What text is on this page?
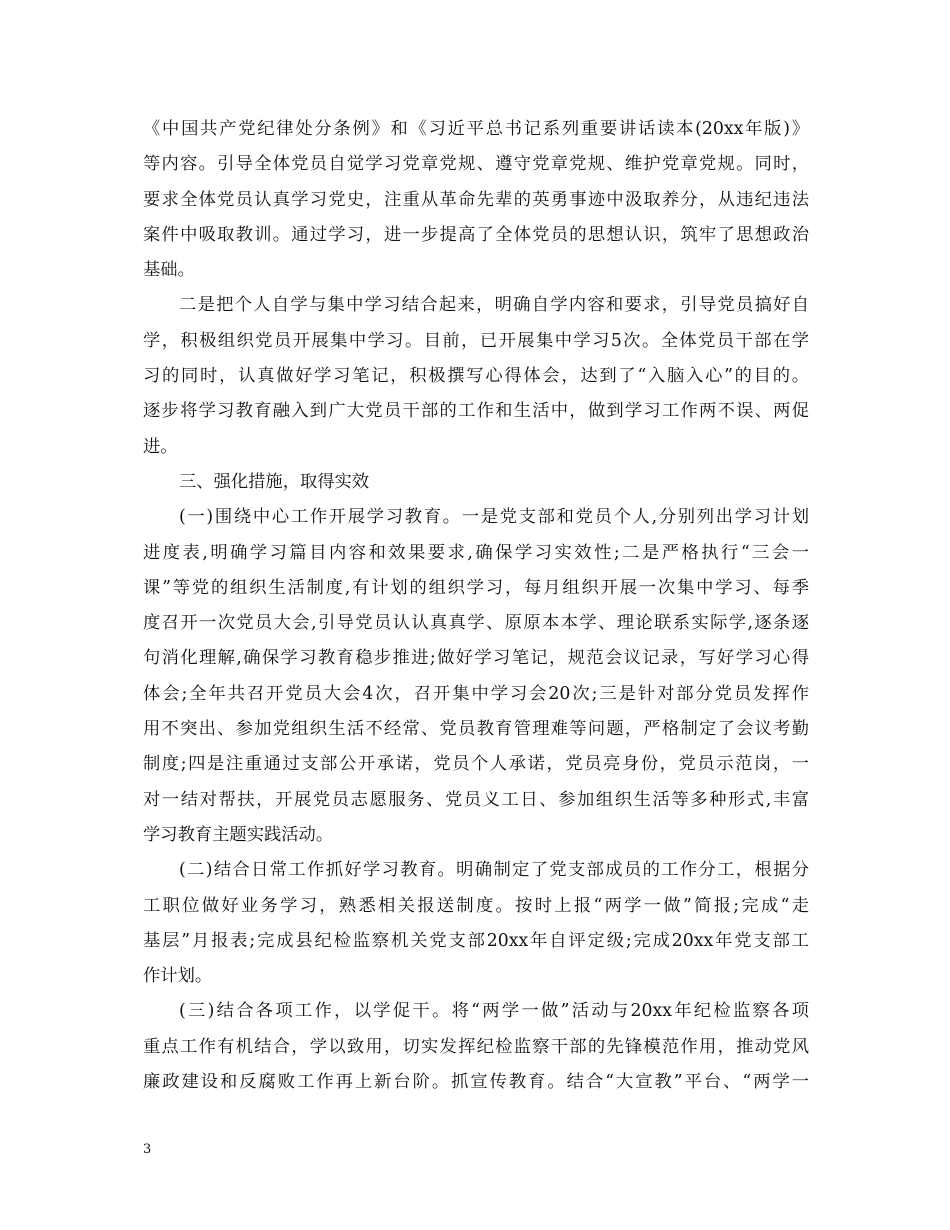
《中国共产党纪律处分条例》和《习近平总书记系列重要讲话读本(20xx年版)》
等内容。引导全体党员自觉学习党章党规、遵守党章党规、维护党章党规。同时，
要求全体党员认真学习党史，注重从革命先辈的英勇事迹中汲取养分，从违纪违法
案件中吸取教训。通过学习，进一步提高了全体党员的思想认识，筑牢了思想政治
基础。
二是把个人自学与集中学习结合起来，明确自学内容和要求，引导党员搞好自
学，积极组织党员开展集中学习。目前，已开展集中学习5次。全体党员干部在学
习的同时，认真做好学习笔记，积极撰写心得体会，达到了“入脑入心”的目的。
逐步将学习教育融入到广大党员干部的工作和生活中，做到学习工作两不误、两促
进。
三、强化措施，取得实效
(一)围绕中心工作开展学习教育。一是党支部和党员个人,分别列出学习计划
进度表,明确学习篇目内容和效果要求,确保学习实效性;二是严格执行“三会一
课”等党的组织生活制度,有计划的组织学习，每月组织开展一次集中学习、每季
度召开一次党员大会,引导党员认认真真学、原原本本学、理论联系实际学,逐条逐
句消化理解,确保学习教育稳步推进;做好学习笔记，规范会议记录，写好学习心得
体会;全年共召开党员大会4次，召开集中学习会20次;三是针对部分党员发挥作
用不突出、参加党组织生活不经常、党员教育管理难等问题，严格制定了会议考勤
制度;四是注重通过支部公开承诺，党员个人承诺，党员亮身份，党员示范岗，一
对一结对帮扶，开展党员志愿服务、党员义工日、参加组织生活等多种形式,丰富
学习教育主题实践活动。
(二)结合日常工作抓好学习教育。明确制定了党支部成员的工作分工，根据分
工职位做好业务学习，熟悉相关报送制度。按时上报“两学一做”简报;完成“走
基层”月报表;完成县纪检监察机关党支部20xx年自评定级;完成20xx年党支部工
作计划。
(三)结合各项工作，以学促干。将“两学一做”活动与20xx年纪检监察各项
重点工作有机结合，学以致用，切实发挥纪检监察干部的先锋模范作用，推动党风
廉政建设和反腐败工作再上新台阶。抓宣传教育。结合“大宣教”平台、“两学一
3
